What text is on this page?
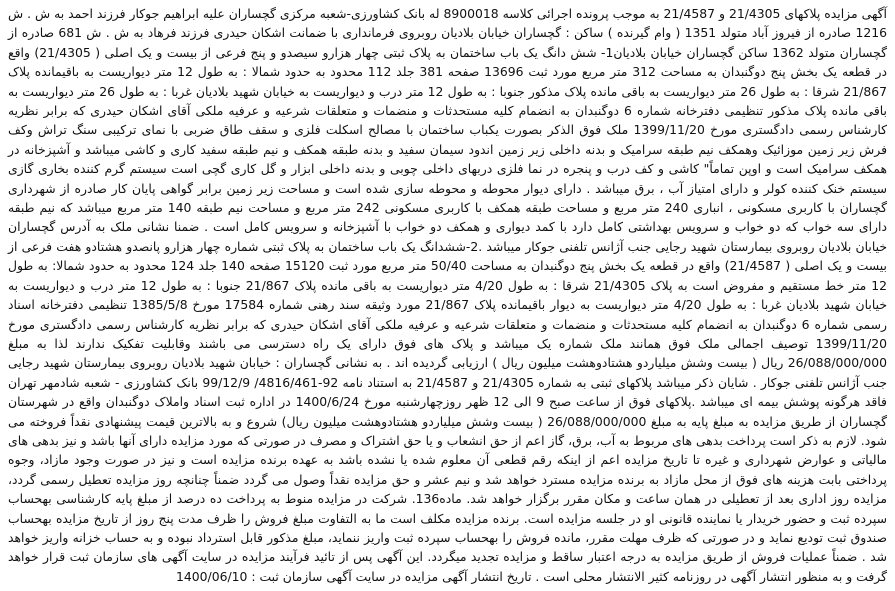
آگهی مزایده پلاکهای 21/4305 و 21/4587 به موجب پرونده اجرائی کلاسه 8900018 له بانک کشاورزی-شعبه مرکزی گچساران علیه ابراهیم جوکار فرزند احمد به ش . ش 1216 صادره از فیروز آباد متولد 1351 ( وام گیرنده ) ساکن : گچساران خیابان بلادیان روبروی فرمانداری با ضمانت اشکان حیدری فرزند فرهاد به ش . ش 681 صادره از گچساران متولد 1362 ساکن گچساران خیابان بلادیان1- شش دانگ یک باب ساختمان به پلاک ثبتی چهار هزارو سیصدو و پنج فرعی از بیست و یک اصلی ( 21/4305) واقع در قطعه یک بخش پنج دوگنبدان به مساحت 312 متر مربع مورد ثبت 13696 صفحه 381 جلد 112 محدود به حدود شمالا : به طول 12 متر دیواریست به باقیمانده پلاک 21/867 شرقا : به طول 26 متر دیواریست به باقی مانده پلاک مذکور جنوبا : به طول 12 متر درب و دیواریست به خیابان شهید بلادیان غربا : به طول 26 متر دیواریست به باقی مانده پلاک مذکور تنظیمی دفترخانه شماره 6 دوگنبدان به انضمام کلیه مستحدثات و منضمات و متعلقات شرعیه و عرفیه ملکی آقای اشکان حیدری که برابر نظریه کارشناس رسمی دادگستری مورخ 1399/11/20 ملک فوق الذکر بصورت یکباب ساختمان با مصالح اسکلت فلزی و سقف طاق ضربی با نمای ترکیبی سنگ تراش وکف فرش زیر زمین موزائیک وهمکف نیم طبقه سرامیک و بدنه داخلی زیر زمین اندود سیمان سفید و بدنه طبقه همکف و نیم طبقه سفید کاری و کاشی میباشد و آشپزخانه در همکف سرامیک است و اوپن تماماً" کاشی و کف درب و پنجره در نما فلزی دربهای داخلی چوبی و بدنه داخلی ابزار و گل کاری گچی است سیستم گرم کننده بخاری گازی سیستم خنک کننده کولر و دارای امتیاز آب ، برق میباشد . دارای دیوار محوطه و محوطه سازی شده است و مساحت زیر زمین برابر گواهی پایان کار صادره از شهرداری گچساران با کاربری مسکونی ، انباری 240 متر مربع و مساحت طبقه همکف با کاربری مسکونی 242 متر مربع و مساحت نیم طبقه 140 متر مربع میباشد که نیم طبقه دارای سه خواب که دو خواب و سرویس بهداشتی کامل دارد با کمد دیواری و همکف دو خواب با آشپزخانه و سرویس کامل است . ضمنا نشانی ملک به آدرس گچساران خیابان بلادیان روبروی بیمارستان شهید رجایی جنب آژانس تلفنی جوکار میباشد .2-ششدانگ یک باب ساختمان به پلاک ثبتی شماره چهار هزارو پانصدو هشتادو هفت فرعی از بیست و یک اصلی ( 21/4587) واقع در قطعه یک بخش پنج دوگنبدان به مساحت 50/40 متر مربع مورد ثبت 15120 صفحه 140 جلد 124 محدود به حدود شمالا: به طول 12 متر خط مستقیم و مفروض است به پلاک 21/4305 شرقا : به طول 4/20 متر دیواریست به باقی مانده پلاک 21/867 جنوبا : به طول 12 متر درب و دیواریست به خیابان شهید بلادیان غربا : به طول 4/20 متر دیواریست به دیوار باقیمانده پلاک 21/867 مورد وثیقه سند رهنی شماره 17584 مورخ 1385/5/8 تنظیمی دفترخانه اسناد رسمی شماره 6 دوگنبدان به انضمام کلیه مستحدثات و منضمات و متعلقات شرعیه و عرفیه ملکی آقای اشکان حیدری که برابر نظریه کارشناس رسمی دادگستری مورخ 1399/11/20 توصیف اجمالی ملک فوق همانند ملک شماره یک میباشد و پلاک های فوق دارای یک راه دسترسی می باشند وقابلیت تفکیک ندارند لذا به مبلغ 26/088/000/000 ریال ( بیست وشش میلیاردو هشتادوهشت میلیون ریال ) ارزیابی گردیده اند . به نشانی گچساران : خیابان شهید بلادیان روبروی بیمارستان شهید رجایی جنب آژانس تلفنی جوکار . شایان ذکر میباشد پلاکهای ثبتی به شماره 21/4305 و 21/4587 به استناد نامه 92-4816/461/ 99/12/9 بانک کشاورزی - شعبه شادمهر تهران فاقد هرگونه پوشش بیمه ای میباشد .پلاکهای فوق از ساعت صبح 9 الی 12 ظهر روزچهارشنبه مورخ 1400/6/24 در اداره ثبت اسناد واملاک دوگنبدان واقع در شهرستان گچساران از طریق مزایده به مبلغ پایه به مبلغ 26/088/000/000 ( بیست وشش میلیاردو هشتادوهشت میلیون ریال) شروع و به بالاترین قیمت پیشنهادی نقداً فروخته می شود. لازم به ذکر است پرداخت بدهی های مربوط به آب، برق، گاز اعم از حق انشعاب و یا حق اشتراک و مصرف در صورتی که مورد مزایده دارای آنها باشد و نیز بدهی های مالیاتی و عوارض شهرداری و غیره تا تاریخ مزایده اعم از اینکه رقم قطعی آن معلوم شده یا نشده باشد به عهده برنده مزایده است و نیز در صورت وجود مازاد، وجوه پرداختی بابت هزینه های فوق از محل مازاد به برنده مزایده مسترد خواهد شد و نیم عشر و حق مزایده نقداً وصول می گردد ضمناً چنانچه روز مزایده تعطیل رسمی گردد، مزایده روز اداری بعد از تعطیلی در همان ساعت و مکان مقرر برگزار خواهد شد. ماده136. شرکت در مزایده منوط به پرداخت ده درصد از مبلغ پایه کارشناسی بهحساب سپرده ثبت و حضور خریدار یا نماینده قانونی او در جلسه مزایده است. برنده مزایده مکلف است ما به التفاوت مبلغ فروش را ظرف مدت پنج روز از تاریخ مزایده بهحساب صندوق ثبت تودیع نماید و در صورتی که ظرف مهلت مقرر، مانده فروش را بهحساب سپرده ثبت واریز ننماید، مبلغ مذکور قابل استرداد نبوده و به حساب خزانه واریز خواهد شد . ضمناً عملیات فروش از طریق مزایده به درجه اعتبار ساقط و مزایده تجدید میگردد. این آگهی پس از تائید فرآیند مزایده در سایت آگهی های سازمان ثبت قرار خواهد گرفت و به منظور انتشار آگهی در روزنامه کثیر الانتشار محلی است . تاریخ انتشار آگهی مزایده در سایت آگهی سازمان ثبت : 1400/06/10
